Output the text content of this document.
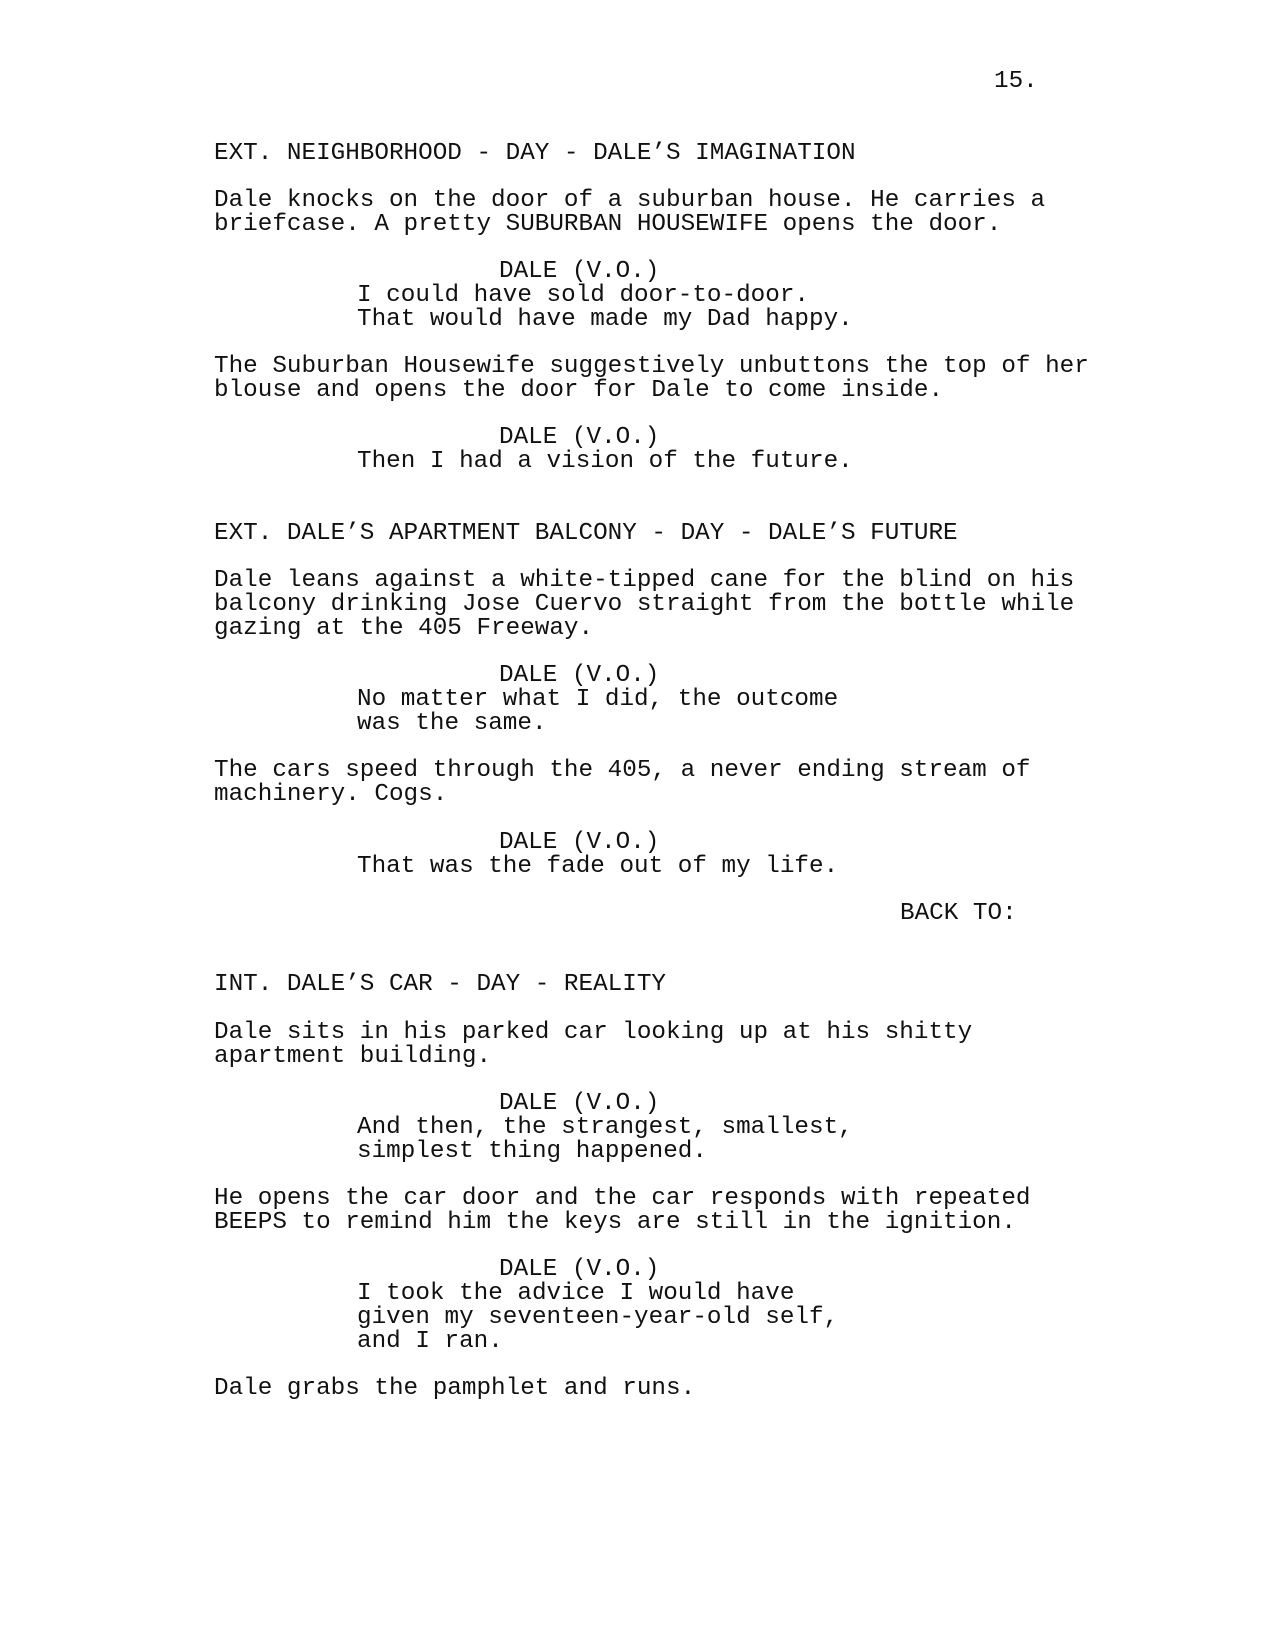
15.
EXT. NEIGHBORHOOD - DAY - DALE’S IMAGINATION
Dale knocks on the door of a suburban house. He carries a
briefcase. A pretty SUBURBAN HOUSEWIFE opens the door.
DALE (V.O.)
I could have sold door-to-door.
That would have made my Dad happy.
The Suburban Housewife suggestively unbuttons the top of her
blouse and opens the door for Dale to come inside.
DALE (V.O.)
Then I had a vision of the future.
EXT. DALE’S APARTMENT BALCONY - DAY - DALE’S FUTURE
Dale leans against a white-tipped cane for the blind on his
balcony drinking Jose Cuervo straight from the bottle while
gazing at the 405 Freeway.
DALE (V.O.)
No matter what I did, the outcome
was the same.
The cars speed through the 405, a never ending stream of
machinery. Cogs.
DALE (V.O.)
That was the fade out of my life.
BACK TO:
INT. DALE’S CAR - DAY - REALITY
Dale sits in his parked car looking up at his shitty
apartment building.
DALE (V.O.)
And then, the strangest, smallest,
simplest thing happened.
He opens the car door and the car responds with repeated
BEEPS to remind him the keys are still in the ignition.
DALE (V.O.)
I took the advice I would have
given my seventeen-year-old self,
and I ran.
Dale grabs the pamphlet and runs.
